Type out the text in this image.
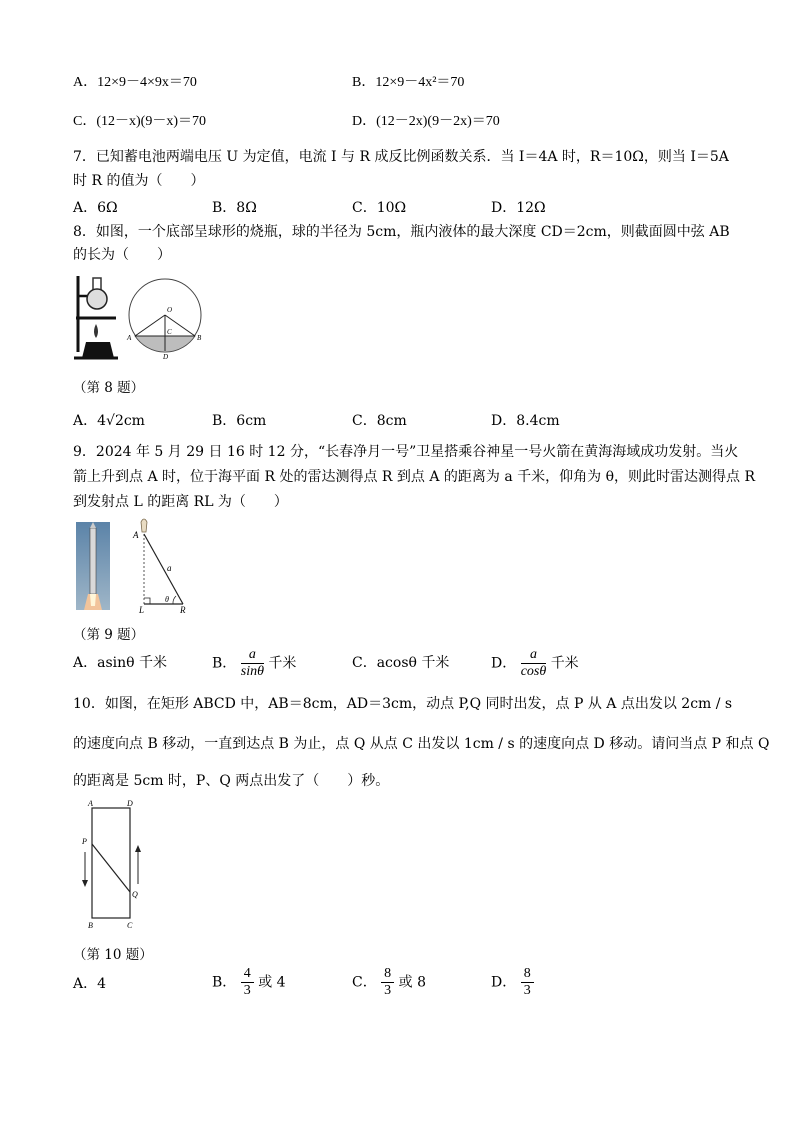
A．12×9－4×9x＝70	B．12×9－4x²＝70
C．(12－x)(9－x)＝70	D．(12－2x)(9－2x)＝70
7．已知蓄电池两端电压 U 为定值，电流 I 与 R 成反比例函数关系．当 I＝4A 时，R＝10Ω，则当 I＝5A
时 R 的值为（　　）
A．6Ω	B．8Ω	C．10Ω	D．12Ω
8．如图，一个底部呈球形的烧瓶，球的半径为 5cm，瓶内液体的最大深度 CD＝2cm，则截面圆中弦 AB
的长为（　　）
O
A	B
C
D
（第 8 题）
A．4√2cm	B．6cm	C．8cm	D．8.4cm
9．2024 年 5 月 29 日 16 时 12 分，“长春净月一号”卫星搭乘谷神星一号火箭在黄海海域成功发射。当火
箭上升到点 A 时，位于海平面 R 处的雷达测得点 R 到点 A 的距离为 a 千米，仰角为 θ，则此时雷达测得点 R
到发射点 L 的距离 RL 为（　　）
A
a
θ
L	R
（第 9 题）
A．asinθ 千米	B． $\frac{a}{\sin\theta}$ 千米	C．acosθ 千米	D． $\frac{a}{\cos\theta}$ 千米
10．如图，在矩形 ABCD 中，AB＝8cm，AD＝3cm，动点 P,Q 同时出发，点 P 从 A 点出发以 2cm / s
的速度向点 B 移动，一直到达点 B 为止，点 Q 从点 C 出发以 1cm / s 的速度向点 D 移动。请问当点 P 和点 Q
的距离是 5cm 时，P、Q 两点出发了（　　）秒。
A	D
P
Q
B	C
（第 10 题）
A．4	B． $\frac{4}{3}$ 或 4	C． $\frac{8}{3}$ 或 8	D． $\frac{8}{3}$
